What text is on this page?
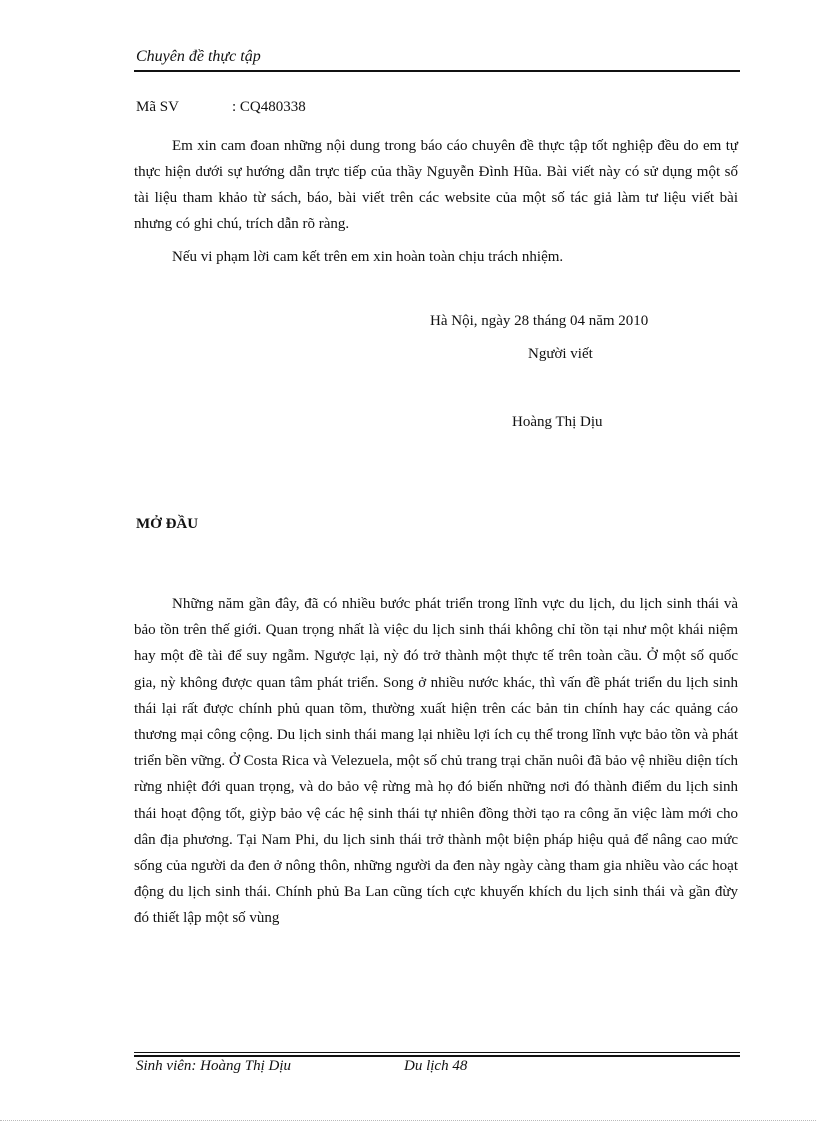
Chuyên đề thực tập
Mã SV	: CQ480338
Em xin cam đoan những nội dung trong báo cáo chuyên đề thực tập tốt nghiệp đều do em tự thực hiện dưới sự hướng dẫn trực tiếp của thầy Nguyễn Đình Hũa. Bài viết này có sử dụng một số tài liệu tham khảo từ sách, báo, bài viết trên các website của một số tác giả làm tư liệu viết bài nhưng có ghi chú, trích dẫn rõ ràng.
Nếu vi phạm lời cam kết trên em xin hoàn toàn chịu trách nhiệm.
Hà Nội, ngày 28 tháng 04 năm 2010
Người viết
Hoàng Thị Dịu
MỞ ĐẦU
Những năm gần đây, đã có nhiều bước phát triển trong lĩnh vực du lịch, du lịch sinh thái và bảo tồn trên thế giới. Quan trọng nhất là việc du lịch sinh thái không chỉ tồn tại như một khái niệm hay một đề tài để suy ngẫm. Ngược lại, nỳ đó trở thành một thực tế trên toàn cầu. Ở một số quốc gia, nỳ không được quan tâm phát triển. Song ở nhiều nước khác, thì vấn đề phát triển du lịch sinh thái lại rất được chính phủ quan tõm, thường xuất hiện trên các bản tin chính hay các quảng cáo thương mại công cộng. Du lịch sinh thái mang lại nhiều lợi ích cụ thể trong lĩnh vực bảo tồn và phát triển bền vững. Ở Costa Rica và Velezuela, một số chủ trang trại chăn nuôi đã bảo vệ nhiều diện tích rừng nhiệt đới quan trọng, và do bảo vệ rừng mà họ đó biến những nơi đó thành điểm du lịch sinh thái hoạt động tốt, giỳp bảo vệ các hệ sinh thái tự nhiên đồng thời tạo ra công ăn việc làm mới cho dân địa phương. Tại Nam Phi, du lịch sinh thái trở thành một biện pháp hiệu quả để nâng cao mức sống của người da đen ở nông thôn, những người da đen này ngày càng tham gia nhiều vào các hoạt động du lịch sinh thái. Chính phủ Ba Lan cũng tích cực khuyến khích du lịch sinh thái và gần đừy đó thiết lập một số vùng
Sinh viên: Hoàng Thị Dịu	Du lịch 48
